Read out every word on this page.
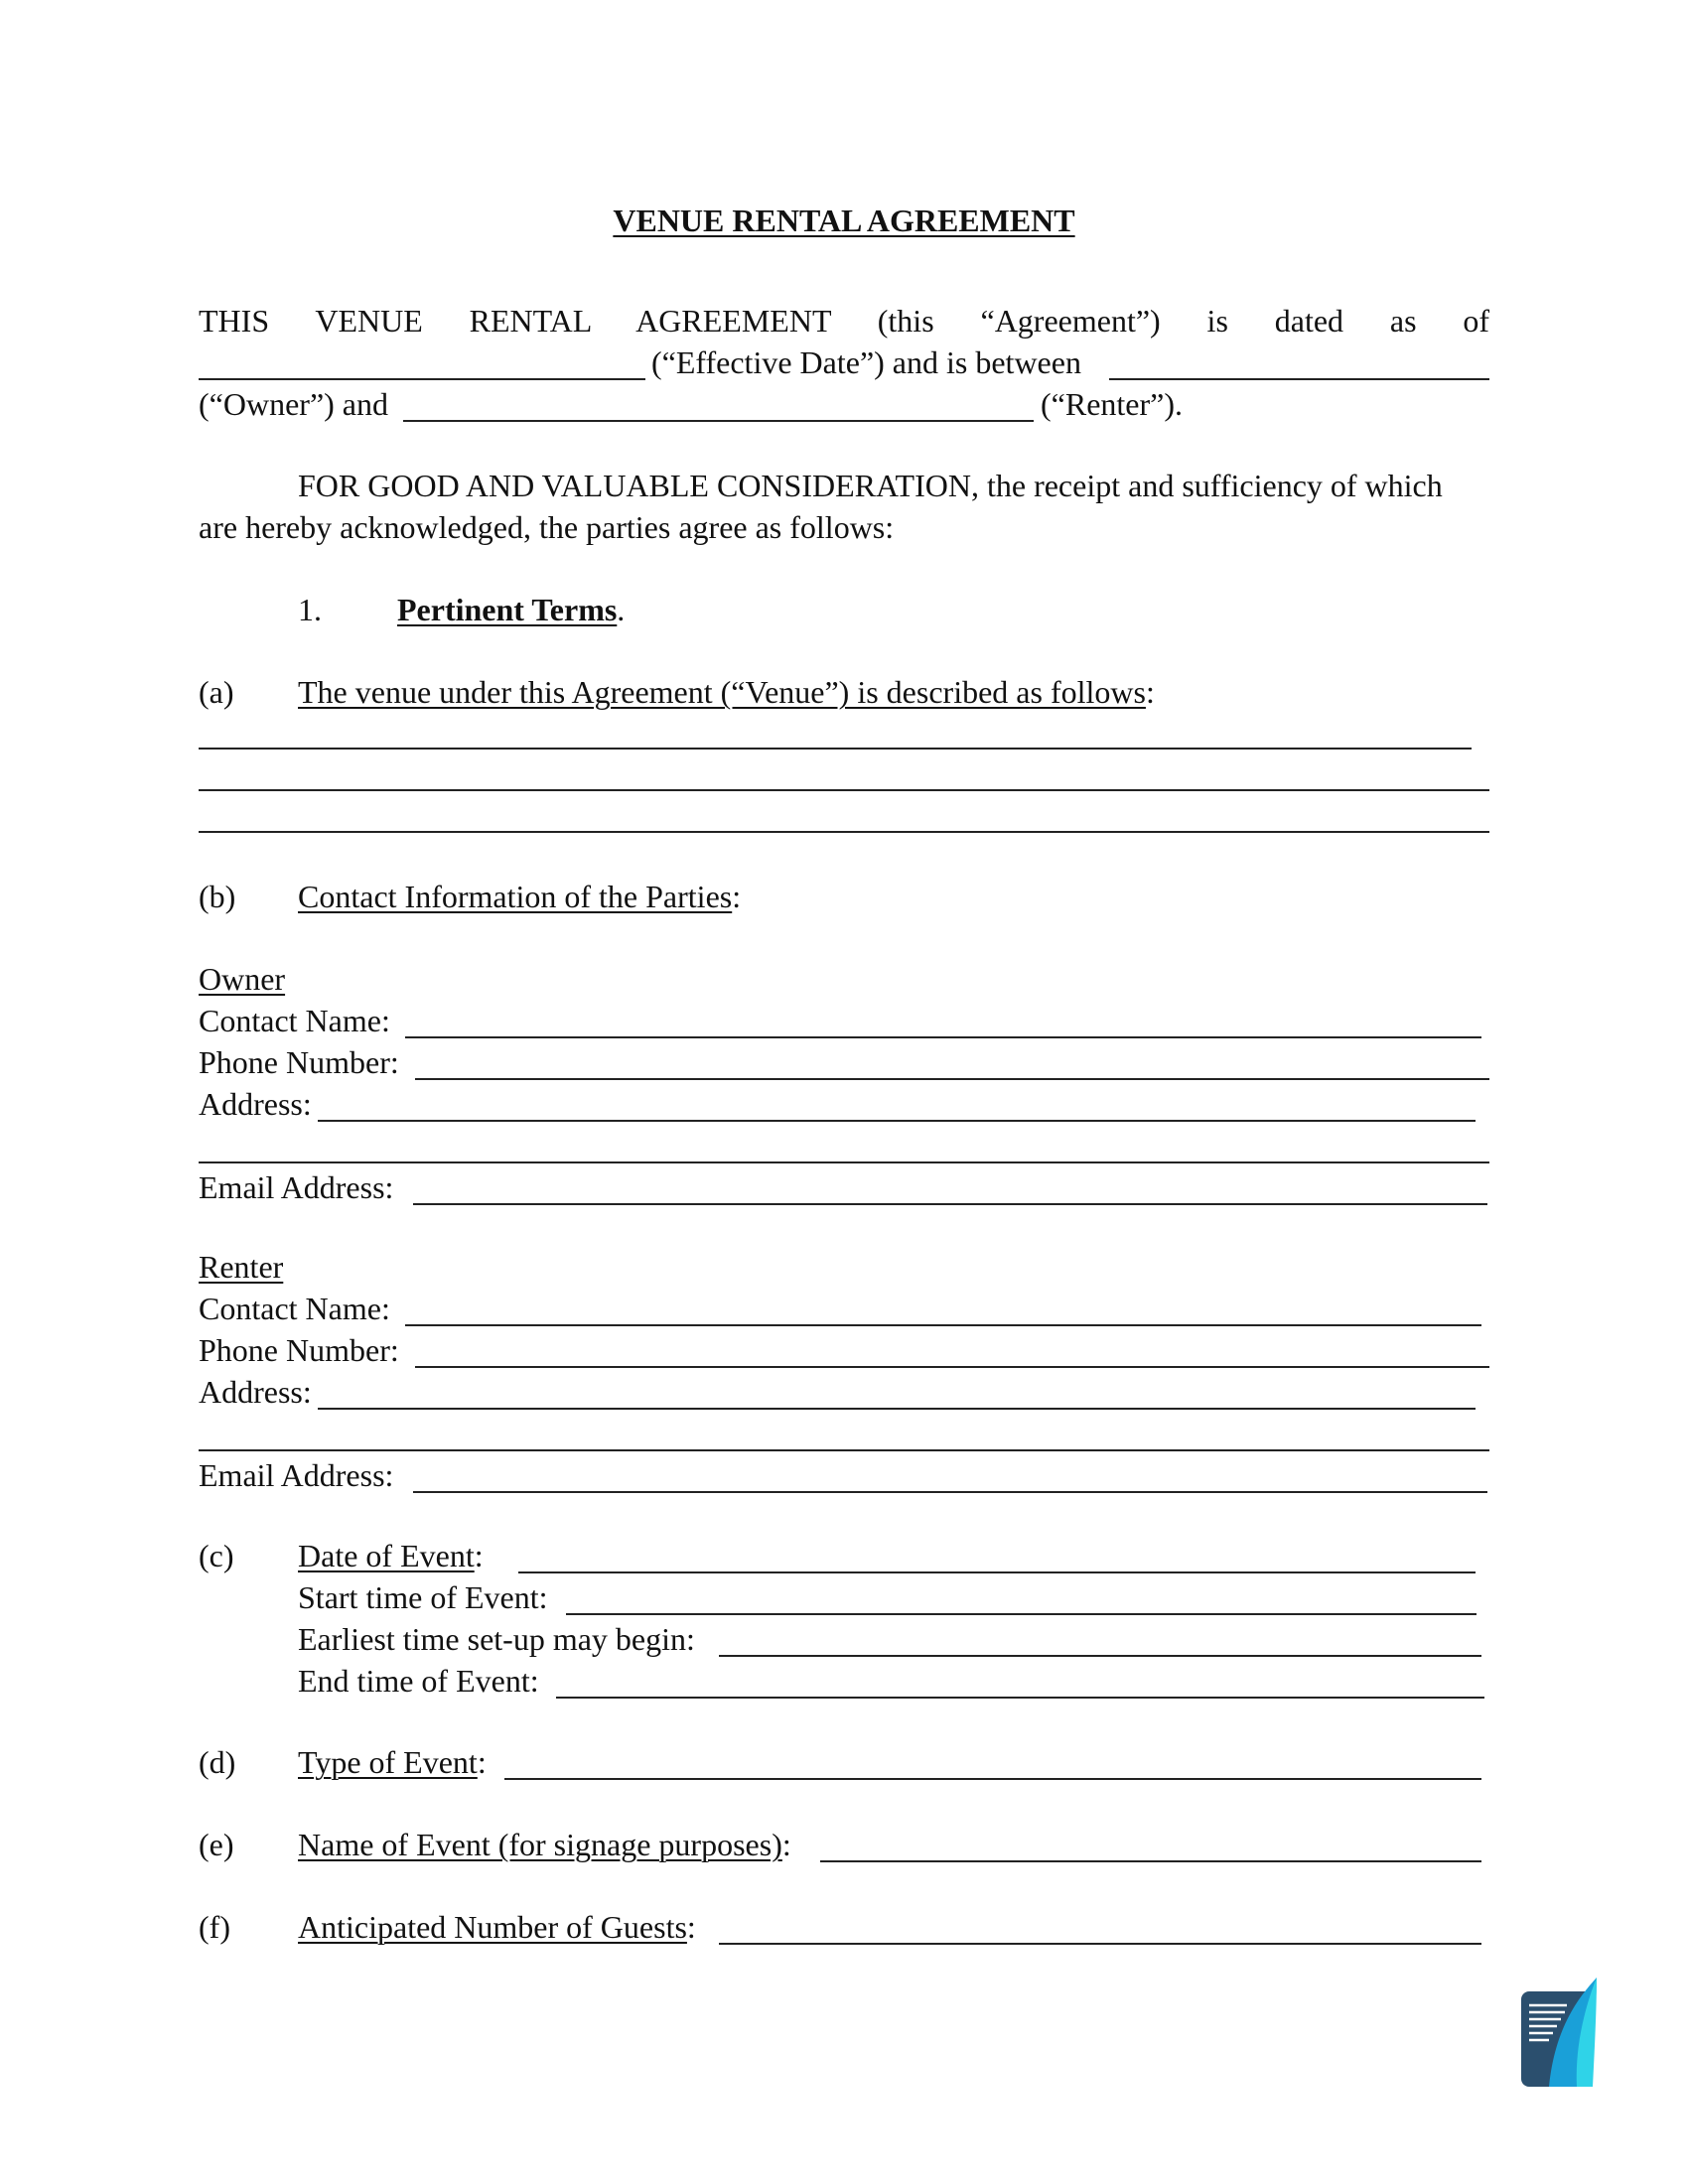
VENUE RENTAL AGREEMENT
THIS VENUE RENTAL AGREEMENT (this “Agreement”) is dated as of
(“Effective Date”) and is between
(“Owner”) and	(“Renter”).
FOR GOOD AND VALUABLE CONSIDERATION, the receipt and sufficiency of which
are hereby acknowledged, the parties agree as follows:
1. Pertinent Terms.
(a) The venue under this Agreement (“Venue”) is described as follows:
(b) Contact Information of the Parties:
Owner
Contact Name:
Phone Number:
Address:
Email Address:
Renter
Contact Name:
Phone Number:
Address:
Email Address:
(c) Date of Event:
Start time of Event:
Earliest time set-up may begin:
End time of Event:
(d) Type of Event:
(e) Name of Event (for signage purposes):
(f) Anticipated Number of Guests:
